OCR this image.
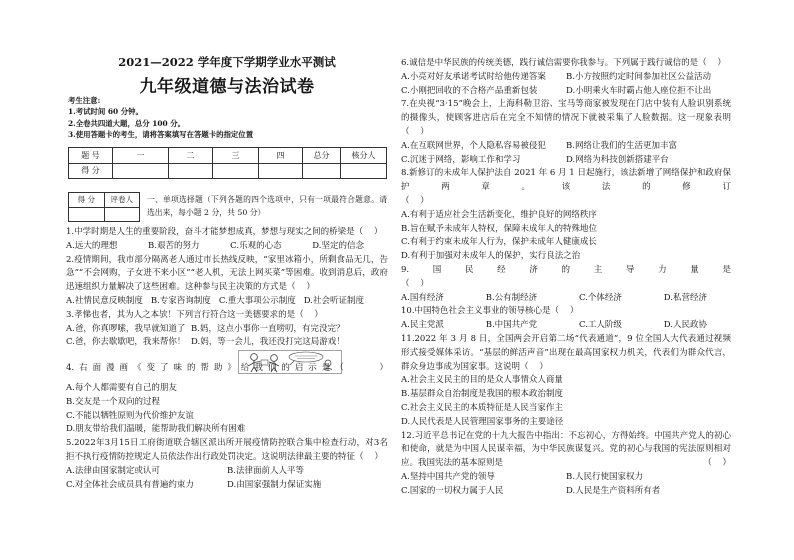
2021—2022 学年度下学期学业水平测试
九年级道德与法治试卷
考生注意:
1.考试时间 60 分钟。
2.全卷共四道大题，总分 100 分。
3.使用答题卡的考生，请将答案填写在答题卡的指定位置
题 号	一	二	三	四	总分	核分人
得 分						
得 分	评卷人
	一、单项选择题（下列各题的四个选项中，只有一项最符合题意。请选出来，每小题 2 分，共 50 分）
1.中学时期是人生的重要阶段，奋斗才能梦想成真，梦想与现实之间的桥梁是（    ）
A.远大的理想	B.艰苦的努力	C.乐观的心态	D.坚定的信念
2.疫情期间，我市部分隔离老人通过市长热线反映，“家里冰箱小，所剩食品无几，告急”“不会网购，子女进不来小区”“老人机，无法上网买菜”等困难。收到消息后，政府迅速组织力量解决了这些困难。这种参与民主决策的方式是（    ）
A.社情民意反映制度 B.专家咨询制度 C.重大事项公示制度 D.社会听证制度
3.孝悌也者，其为人之本欤！下列言行符合这一美德要求的是（    ）
A.爸，你真啰嗦，我早就知道了 B.妈，这点小事你一直唠叨，有完没完？
C.爸，你去歇歇吧，我来帮你！ D.妈，等一会儿，我还没打完这局游戏！
4.右面漫画《变了味的帮助》给我们的启示是（    ）
A.每个人都需要有自己的朋友
B.交友是一个双向的过程
C.不能以牺牲原则为代价维护友谊
D.朋友带给我们温暖，能帮助我们解决所有困难
5.2022年3月15日工府街道联合辖区派出所开展疫情防控联合集中检查行动，对3名拒不执行疫情防控规定人员依法作出行政处罚决定。这说明法律最主要的特征（    ）
A.法律由国家制定或认可	B.法律面前人人平等
C.对全体社会成员具有普遍约束力	D.由国家强制力保证实施
6.诚信是中华民族的传统美德，践行诚信需要你我参与。下列属于践行诚信的是（    ）
A.小亮对好友承诺考试时给他传递答案	B.小方按照约定时间参加社区公益活动
C.小刚把回收的不合格产品重新包装	D.小明乘火车时霸占他人座位拒不让出
7.在央视“3·15”晚会上，上海科勒卫浴、宝马等商家被发现在门店中装有人脸识别系统的摄像头，使顾客进店后在完全不知情的情况下就被采集了人脸数据。这一现象表明（    ）
A.在互联网世界，个人隐私容易被侵犯	B.网络让我们的生活更加丰富
C.沉迷于网络，影响工作和学习	D.网络为科技创新搭建平台
8.新修订的未成年人保护法自 2021 年 6 月 1 日起施行，该法新增了网络保护和政府保护两章。该法的修订
（    ）
A.有利于适应社会生活新变化，维护良好的网络秩序
B.旨在赋予未成年人特权，保障未成年人的特殊地位
C.有利于约束未成年人行为，保护未成年人健康成长
D.有利于加强对未成年人的保护，实行良法之治
9.国民经济的主导力量是
（    ）
A.国有经济	B.公有制经济	C.个体经济	D.私营经济
10.中国特色社会主义事业的领导核心是（    ）
A.民主党派	B.中国共产党	C.工人阶级	D.人民政协
11.2022 年 3 月 8 日，全国两会开启第二场“代表通道”，9 位全国人大代表通过视频形式接受媒体采访。“基层的鲜活声音”出现在最高国家权力机关，代表们为群众代言，群众身边事成为国家事。这说明（    ）
A.社会主义民主的目的是众人事情众人商量
B.基层群众自治制度是我国的根本政治制度
C.社会主义民主的本质特征是人民当家作主
D.人民代表是人民管理国家事务的主要途径
12.习近平总书记在党的十九大报告中指出：不忘初心，方得始终。中国共产党人的初心和使命，就是为中国人民谋幸福，为中华民族谋复兴。党的初心与我国的宪法原则相对应。我国宪法的基本原则是	（    ）
A.坚持中国共产党的领导	B.人民行使国家权力
C.国家的一切权力属于人民	D.人民是生产资料所有者
